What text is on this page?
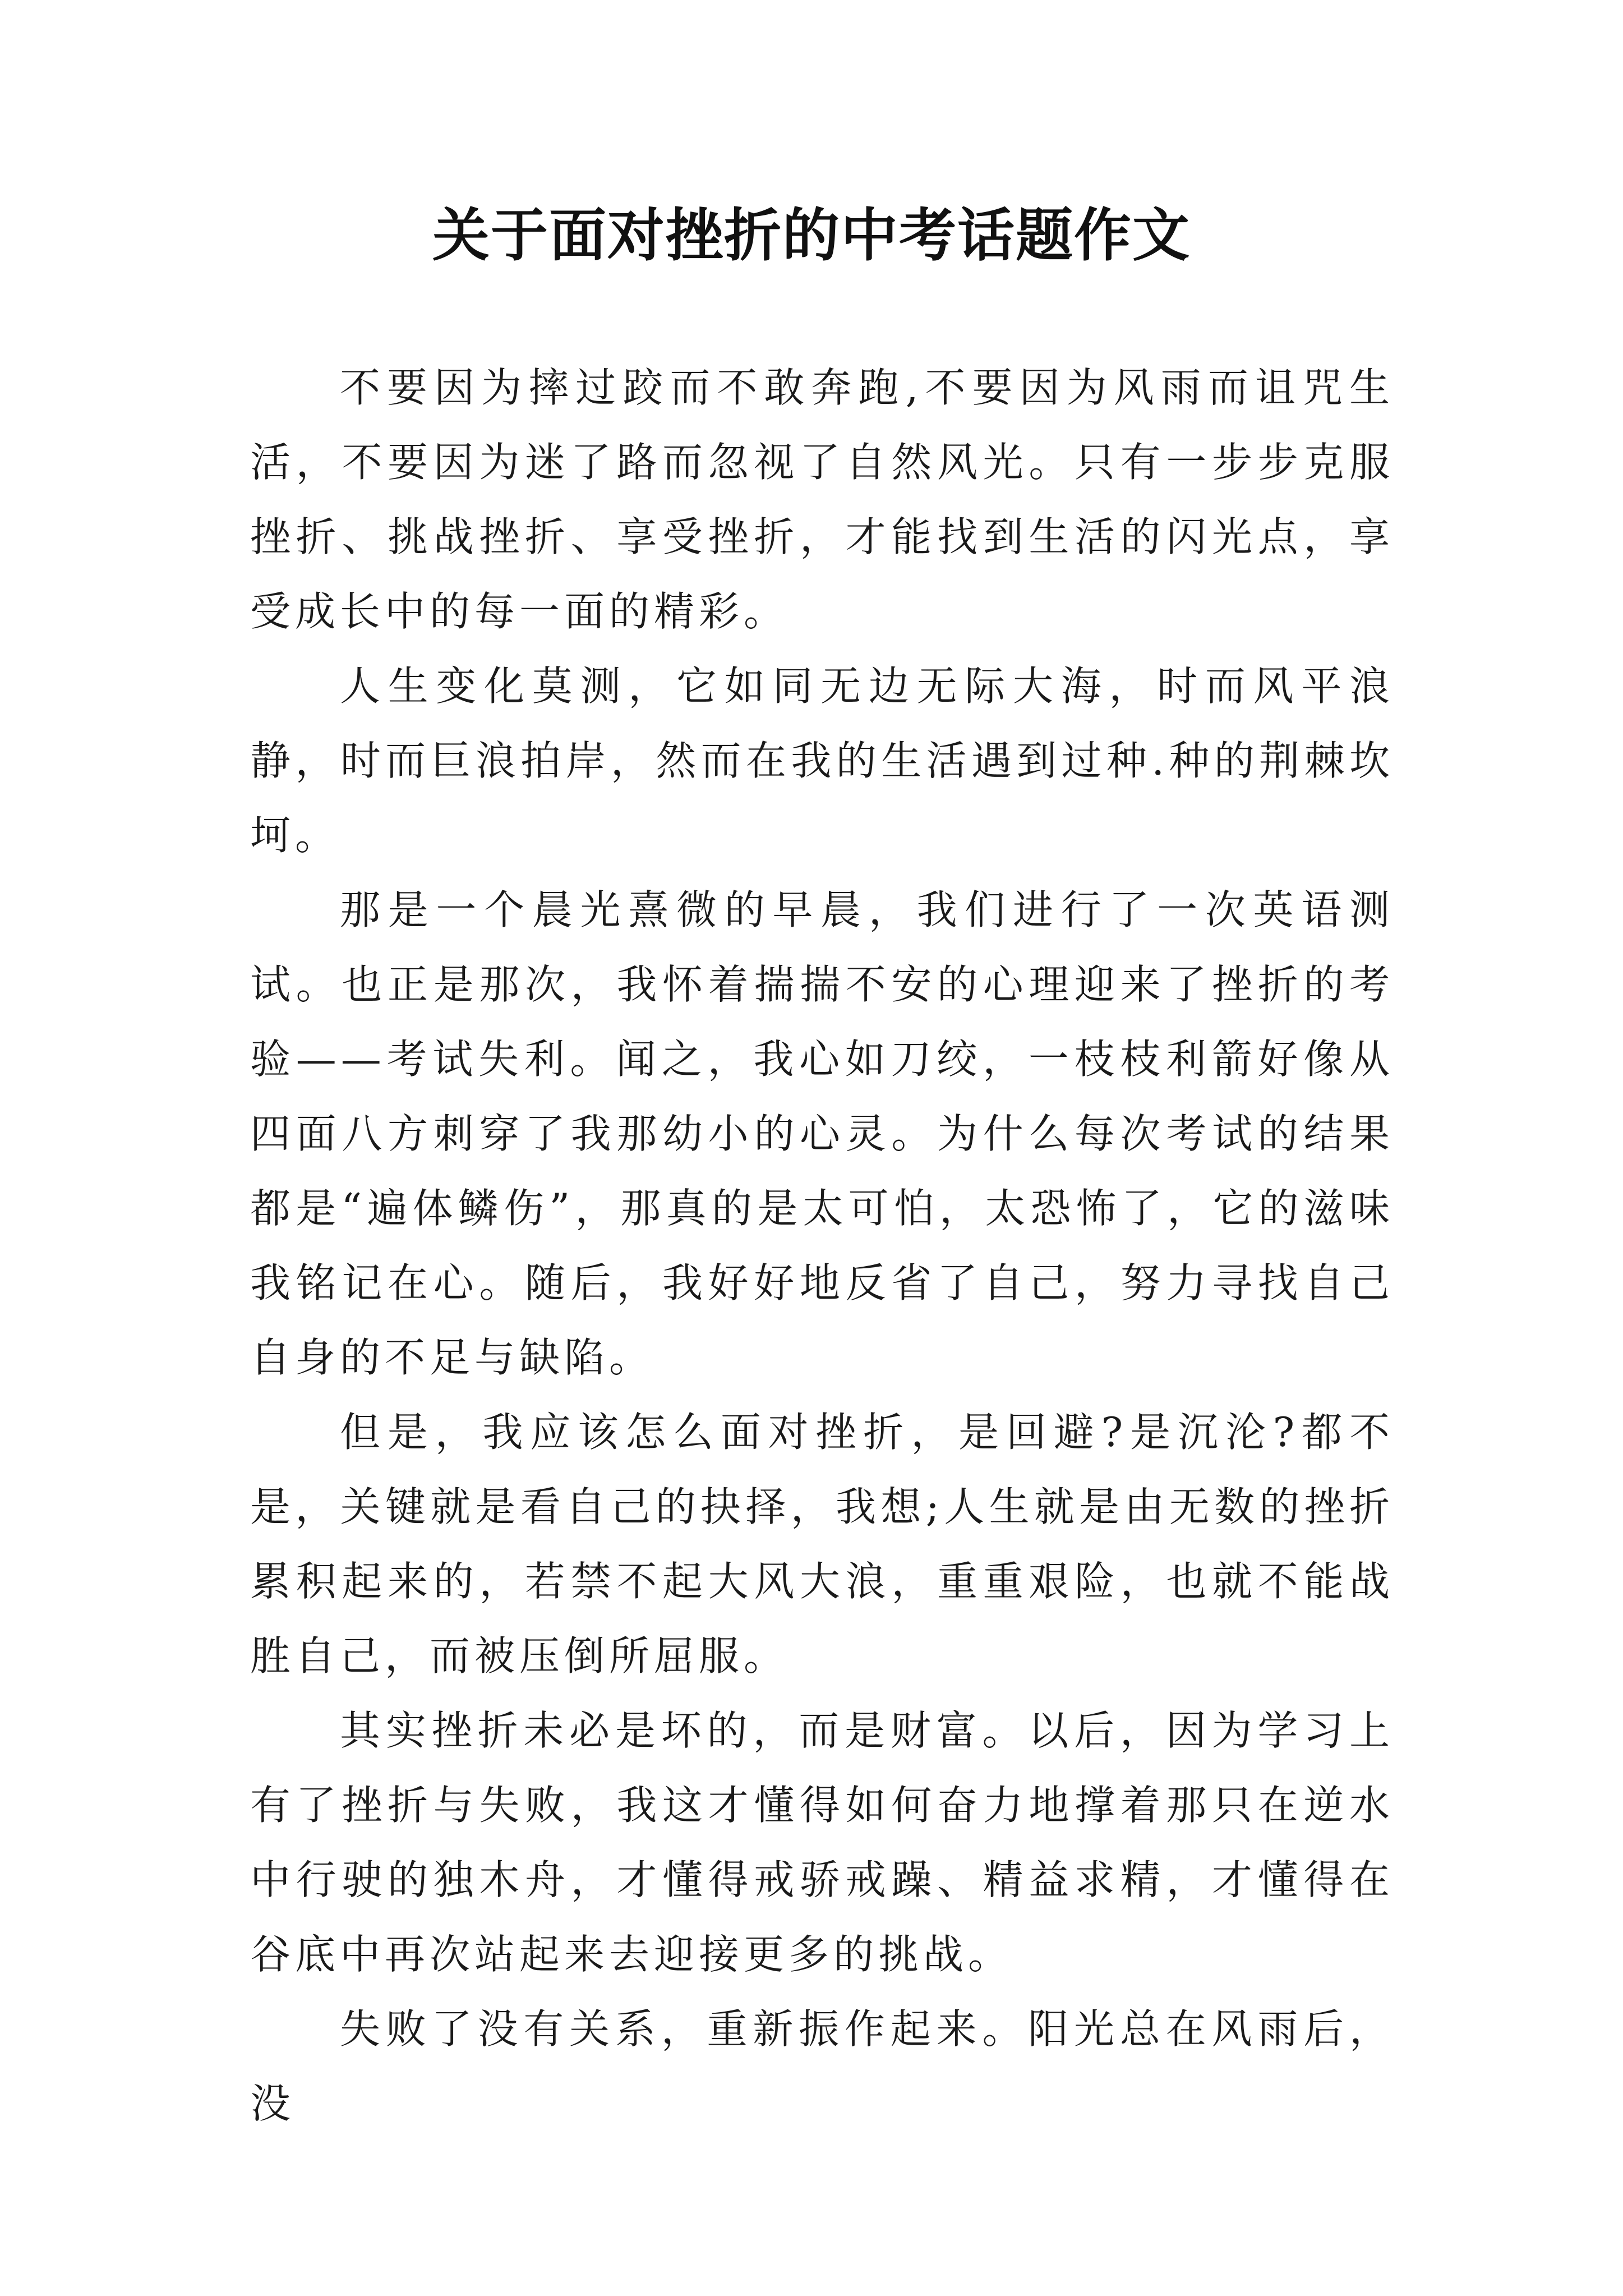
关于面对挫折的中考话题作文

不要因为摔过跤而不敢奔跑,不要因为风雨而诅咒生活，不要因为迷了路而忽视了自然风光。只有一步步克服挫折、挑战挫折、享受挫折，才能找到生活的闪光点，享受成长中的每一面的精彩。

人生变化莫测，它如同无边无际大海，时而风平浪静，时而巨浪拍岸，然而在我的生活遇到过种.种的荆棘坎坷。

那是一个晨光熹微的早晨，我们进行了一次英语测试。也正是那次，我怀着揣揣不安的心理迎来了挫折的考验——考试失利。闻之，我心如刀绞，一枝枝利箭好像从四面八方刺穿了我那幼小的心灵。为什么每次考试的结果都是“遍体鳞伤”，那真的是太可怕，太恐怖了，它的滋味我铭记在心。随后，我好好地反省了自己，努力寻找自己自身的不足与缺陷。

但是，我应该怎么面对挫折，是回避?是沉沦?都不是，关键就是看自己的抉择，我想;人生就是由无数的挫折累积起来的，若禁不起大风大浪，重重艰险，也就不能战胜自己，而被压倒所屈服。

其实挫折未必是坏的，而是财富。以后，因为学习上有了挫折与失败，我这才懂得如何奋力地撑着那只在逆水中行驶的独木舟，才懂得戒骄戒躁、精益求精，才懂得在谷底中再次站起来去迎接更多的挑战。

失败了没有关系，重新振作起来。阳光总在风雨后，没
